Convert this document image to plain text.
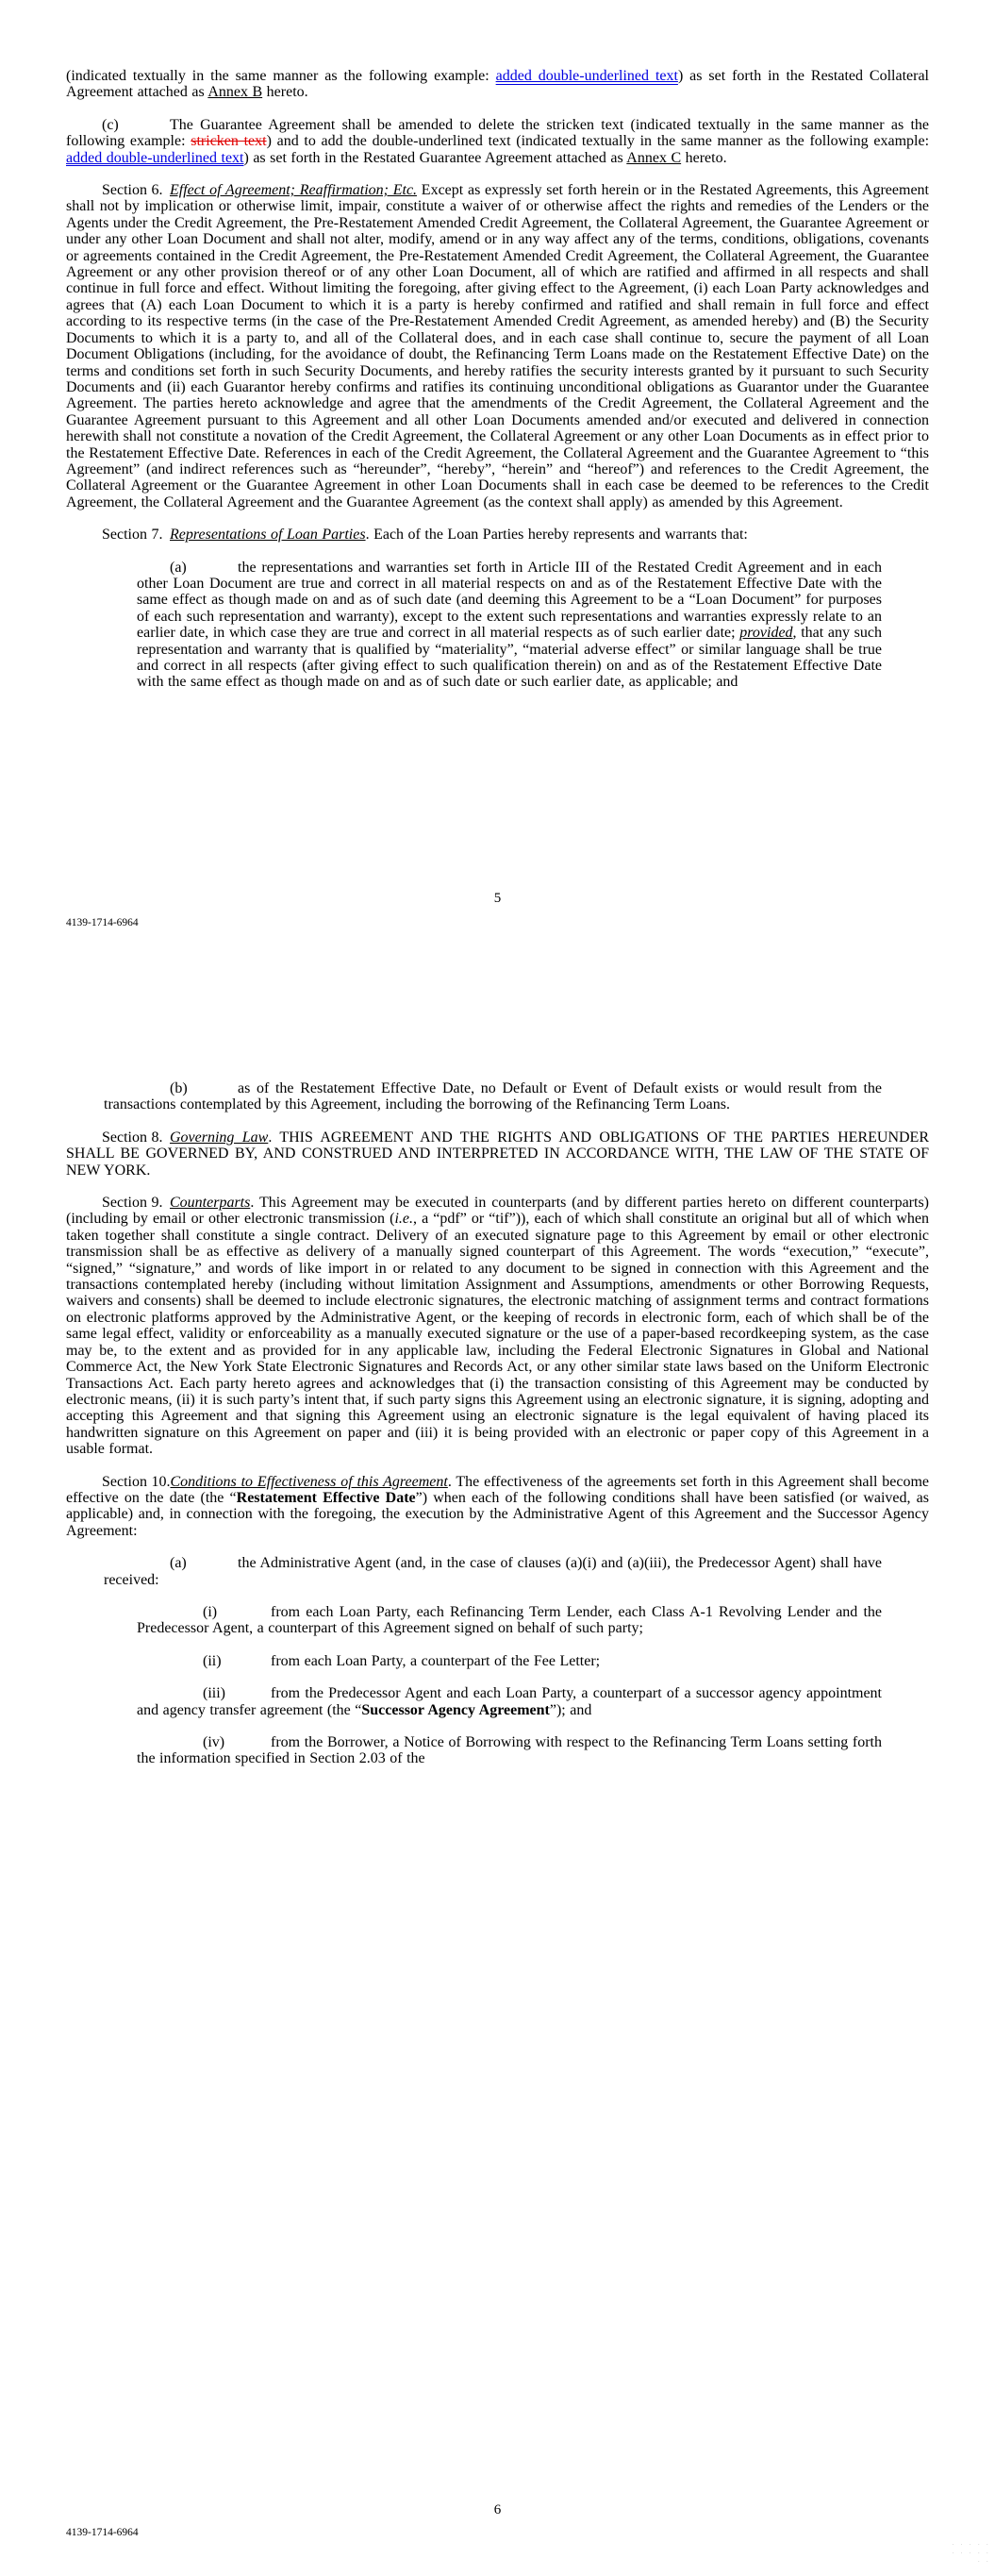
(indicated textually in the same manner as the following example: added double-underlined text) as set forth in the Restated Collateral Agreement attached as Annex B hereto.
(c)	The Guarantee Agreement shall be amended to delete the stricken text (indicated textually in the same manner as the following example: stricken text) and to add the double-underlined text (indicated textually in the same manner as the following example: added double-underlined text) as set forth in the Restated Guarantee Agreement attached as Annex C hereto.
Section 6. Effect of Agreement; Reaffirmation; Etc. Except as expressly set forth herein or in the Restated Agreements, this Agreement shall not by implication or otherwise limit, impair, constitute a waiver of or otherwise affect the rights and remedies of the Lenders or the Agents under the Credit Agreement, the Pre-Restatement Amended Credit Agreement, the Collateral Agreement, the Guarantee Agreement or under any other Loan Document and shall not alter, modify, amend or in any way affect any of the terms, conditions, obligations, covenants or agreements contained in the Credit Agreement, the Pre-Restatement Amended Credit Agreement, the Collateral Agreement, the Guarantee Agreement or any other provision thereof or of any other Loan Document, all of which are ratified and affirmed in all respects and shall continue in full force and effect. Without limiting the foregoing, after giving effect to the Agreement, (i) each Loan Party acknowledges and agrees that (A) each Loan Document to which it is a party is hereby confirmed and ratified and shall remain in full force and effect according to its respective terms (in the case of the Pre-Restatement Amended Credit Agreement, as amended hereby) and (B) the Security Documents to which it is a party to, and all of the Collateral does, and in each case shall continue to, secure the payment of all Loan Document Obligations (including, for the avoidance of doubt, the Refinancing Term Loans made on the Restatement Effective Date) on the terms and conditions set forth in such Security Documents, and hereby ratifies the security interests granted by it pursuant to such Security Documents and (ii) each Guarantor hereby confirms and ratifies its continuing unconditional obligations as Guarantor under the Guarantee Agreement. The parties hereto acknowledge and agree that the amendments of the Credit Agreement, the Collateral Agreement and the Guarantee Agreement pursuant to this Agreement and all other Loan Documents amended and/or executed and delivered in connection herewith shall not constitute a novation of the Credit Agreement, the Collateral Agreement or any other Loan Documents as in effect prior to the Restatement Effective Date. References in each of the Credit Agreement, the Collateral Agreement and the Guarantee Agreement to “this Agreement” (and indirect references such as “hereunder”, “hereby”, “herein” and “hereof”) and references to the Credit Agreement, the Collateral Agreement or the Guarantee Agreement in other Loan Documents shall in each case be deemed to be references to the Credit Agreement, the Collateral Agreement and the Guarantee Agreement (as the context shall apply) as amended by this Agreement.
Section 7. Representations of Loan Parties. Each of the Loan Parties hereby represents and warrants that:
(a)	the representations and warranties set forth in Article III of the Restated Credit Agreement and in each other Loan Document are true and correct in all material respects on and as of the Restatement Effective Date with the same effect as though made on and as of such date (and deeming this Agreement to be a “Loan Document” for purposes of each such representation and warranty), except to the extent such representations and warranties expressly relate to an earlier date, in which case they are true and correct in all material respects as of such earlier date; provided, that any such representation and warranty that is qualified by “materiality”, “material adverse effect” or similar language shall be true and correct in all respects (after giving effect to such qualification therein) on and as of the Restatement Effective Date with the same effect as though made on and as of such date or such earlier date, as applicable; and
5
4139-1714-6964
(b)	as of the Restatement Effective Date, no Default or Event of Default exists or would result from the transactions contemplated by this Agreement, including the borrowing of the Refinancing Term Loans.
Section 8. Governing Law. THIS AGREEMENT AND THE RIGHTS AND OBLIGATIONS OF THE PARTIES HEREUNDER SHALL BE GOVERNED BY, AND CONSTRUED AND INTERPRETED IN ACCORDANCE WITH, THE LAW OF THE STATE OF NEW YORK.
Section 9. Counterparts. This Agreement may be executed in counterparts (and by different parties hereto on different counterparts) (including by email or other electronic transmission (i.e., a “pdf” or “tif”)), each of which shall constitute an original but all of which when taken together shall constitute a single contract. Delivery of an executed signature page to this Agreement by email or other electronic transmission shall be as effective as delivery of a manually signed counterpart of this Agreement. The words “execution,” “execute”, “signed,” “signature,” and words of like import in or related to any document to be signed in connection with this Agreement and the transactions contemplated hereby (including without limitation Assignment and Assumptions, amendments or other Borrowing Requests, waivers and consents) shall be deemed to include electronic signatures, the electronic matching of assignment terms and contract formations on electronic platforms approved by the Administrative Agent, or the keeping of records in electronic form, each of which shall be of the same legal effect, validity or enforceability as a manually executed signature or the use of a paper-based recordkeeping system, as the case may be, to the extent and as provided for in any applicable law, including the Federal Electronic Signatures in Global and National Commerce Act, the New York State Electronic Signatures and Records Act, or any other similar state laws based on the Uniform Electronic Transactions Act. Each party hereto agrees and acknowledges that (i) the transaction consisting of this Agreement may be conducted by electronic means, (ii) it is such party’s intent that, if such party signs this Agreement using an electronic signature, it is signing, adopting and accepting this Agreement and that signing this Agreement using an electronic signature is the legal equivalent of having placed its handwritten signature on this Agreement on paper and (iii) it is being provided with an electronic or paper copy of this Agreement in a usable format.
Section 10.Conditions to Effectiveness of this Agreement. The effectiveness of the agreements set forth in this Agreement shall become effective on the date (the “Restatement Effective Date”) when each of the following conditions shall have been satisfied (or waived, as applicable) and, in connection with the foregoing, the execution by the Administrative Agent of this Agreement and the Successor Agency Agreement:
(a)	the Administrative Agent (and, in the case of clauses (a)(i) and (a)(iii), the Predecessor Agent) shall have received:
(i)	from each Loan Party, each Refinancing Term Lender, each Class A-1 Revolving Lender and the Predecessor Agent, a counterpart of this Agreement signed on behalf of such party;
(ii)	from each Loan Party, a counterpart of the Fee Letter;
(iii)	from the Predecessor Agent and each Loan Party, a counterpart of a successor agency appointment and agency transfer agreement (the “Successor Agency Agreement”); and
(iv)	from the Borrower, a Notice of Borrowing with respect to the Refinancing Term Loans setting forth the information specified in Section 2.03 of the
6
4139-1714-6964
· · · · · · · · · · · ·
